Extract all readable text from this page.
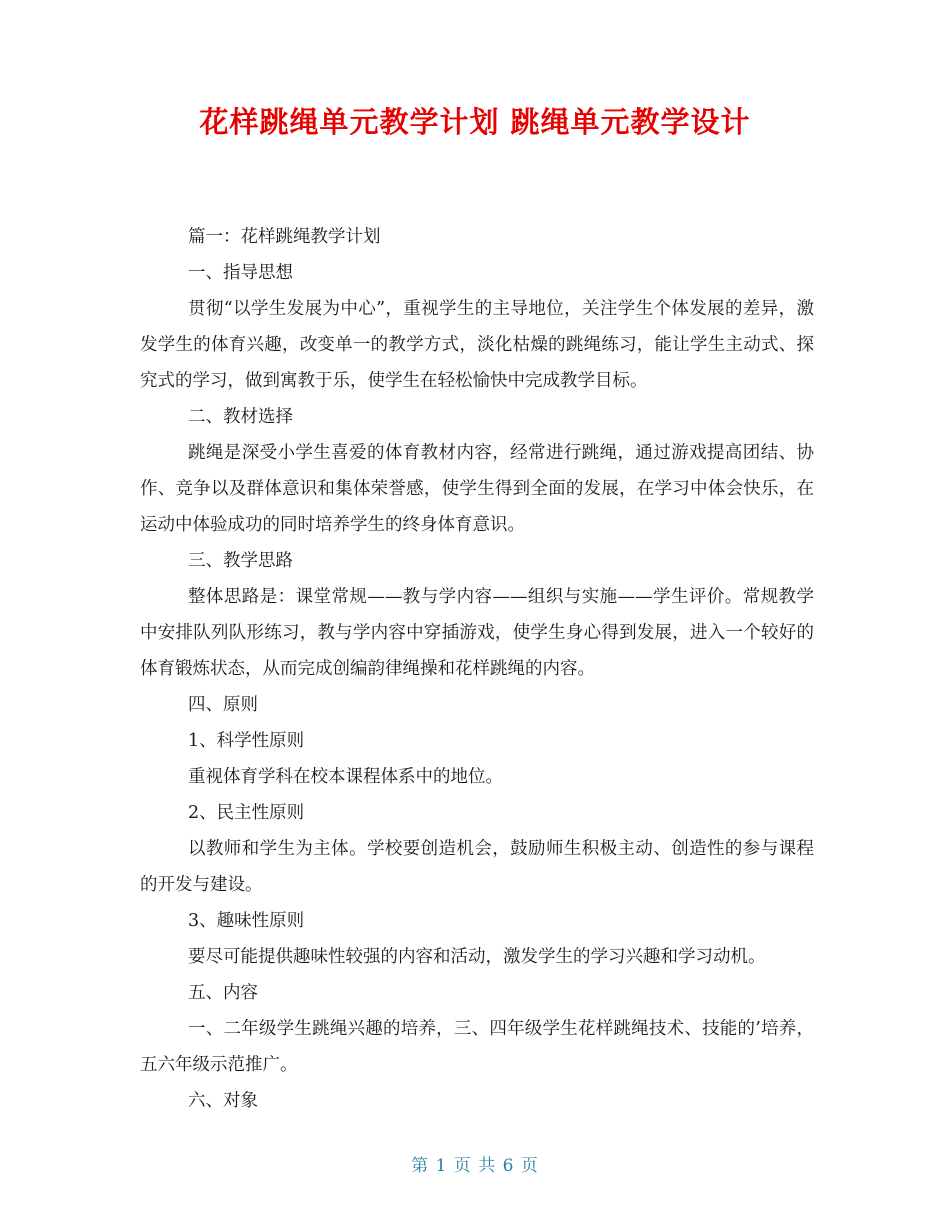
花样跳绳单元教学计划 跳绳单元教学设计

篇一：花样跳绳教学计划

一、指导思想

贯彻“以学生发展为中心”，重视学生的主导地位，关注学生个体发展的差异，激发学生的体育兴趣，改变单一的教学方式，淡化枯燥的跳绳练习，能让学生主动式、探究式的学习，做到寓教于乐，使学生在轻松愉快中完成教学目标。

二、教材选择

跳绳是深受小学生喜爱的体育教材内容，经常进行跳绳，通过游戏提高团结、协作、竞争以及群体意识和集体荣誉感，使学生得到全面的发展，在学习中体会快乐，在运动中体验成功的同时培养学生的终身体育意识。

三、教学思路

整体思路是：课堂常规——教与学内容——组织与实施——学生评价。常规教学中安排队列队形练习，教与学内容中穿插游戏，使学生身心得到发展，进入一个较好的体育锻炼状态，从而完成创编韵律绳操和花样跳绳的内容。

四、原则

1、科学性原则

重视体育学科在校本课程体系中的地位。

2、民主性原则

以教师和学生为主体。学校要创造机会，鼓励师生积极主动、创造性的参与课程的开发与建设。

3、趣味性原则

要尽可能提供趣味性较强的内容和活动，激发学生的学习兴趣和学习动机。

五、内容

一、二年级学生跳绳兴趣的培养，三、四年级学生花样跳绳技术、技能的’培养，五六年级示范推广。

六、对象

第 1 页 共 6 页
